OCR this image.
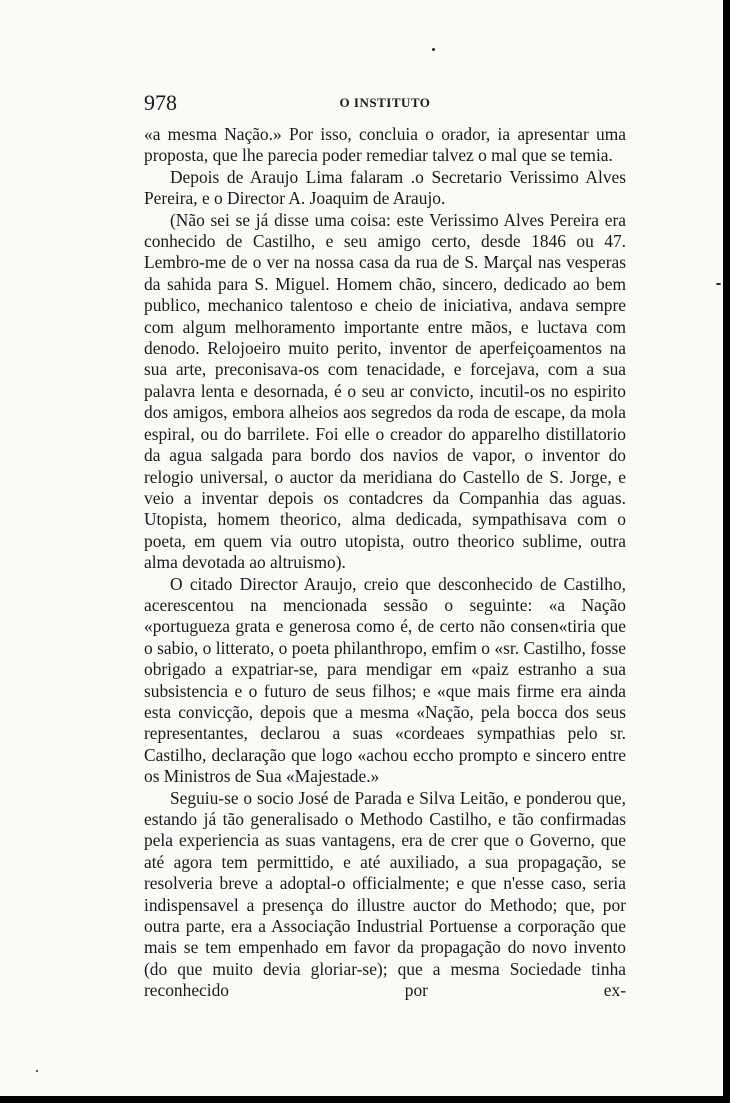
978	O INSTITUTO

«a mesma Nação.» Por isso, concluia o orador, ia apresentar uma proposta, que lhe parecia poder remediar talvez o mal que se temia.

Depois de Araujo Lima falaram .o Secretario Verissimo Alves Pereira, e o Director A. Joaquim de Araujo.

(Não sei se já disse uma coisa: este Verissimo Alves Pereira era conhecido de Castilho, e seu amigo certo, desde 1846 ou 47. Lembro-me de o ver na nossa casa da rua de S. Marçal nas vesperas da sahida para S. Miguel. Homem chão, sincero, dedicado ao bem publico, mechanico talentoso e cheio de iniciativa, andava sempre com algum melhoramento importante entre mãos, e luctava com denodo. Relojoeiro muito perito, inventor de aperfeiçoamentos na sua arte, preconisava-os com tenacidade, e forcejava, com a sua palavra lenta e desornada, é o seu ar convicto, incutil-os no espirito dos amigos, embora alheios aos segredos da roda de escape, da mola espiral, ou do barrilete. Foi elle o creador do apparelho distillatorio da agua salgada para bordo dos navios de vapor, o inventor do relogio universal, o auctor da meridiana do Castello de S. Jorge, e veio a inventar depois os contadcres da Companhia das aguas. Utopista, homem theorico, alma dedicada, sympathisava com o poeta, em quem via outro utopista, outro theorico sublime, outra alma devotada ao altruismo).

O citado Director Araujo, creio que desconhecido de Castilho, acerescentou na mencionada sessão o seguinte: «a Nação «portugueza grata e generosa como é, de certo não consen«tiria que o sabio, o litterato, o poeta philanthropo, emfim o «sr. Castilho, fosse obrigado a expatriar-se, para mendigar em «paiz estranho a sua subsistencia e o futuro de seus filhos; e «que mais firme era ainda esta convicção, depois que a mesma «Nação, pela bocca dos seus representantes, declarou a suas «cordeaes sympathias pelo sr. Castilho, declaração que logo «achou eccho prompto e sincero entre os Ministros de Sua «Majestade.»

Seguiu-se o socio José de Parada e Silva Leitão, e ponderou que, estando já tão generalisado o Methodo Castilho, e tão confirmadas pela experiencia as suas vantagens, era de crer que o Governo, que até agora tem permittido, e até auxiliado, a sua propagação, se resolveria breve a adoptal-o officialmente; e que n'esse caso, seria indispensavel a presença do illustre auctor do Methodo; que, por outra parte, era a Associação Industrial Portuense a corporação que mais se tem empenhado em favor da propagação do novo invento (do que muito devia gloriar-se); que a mesma Sociedade tinha reconhecido por ex-
